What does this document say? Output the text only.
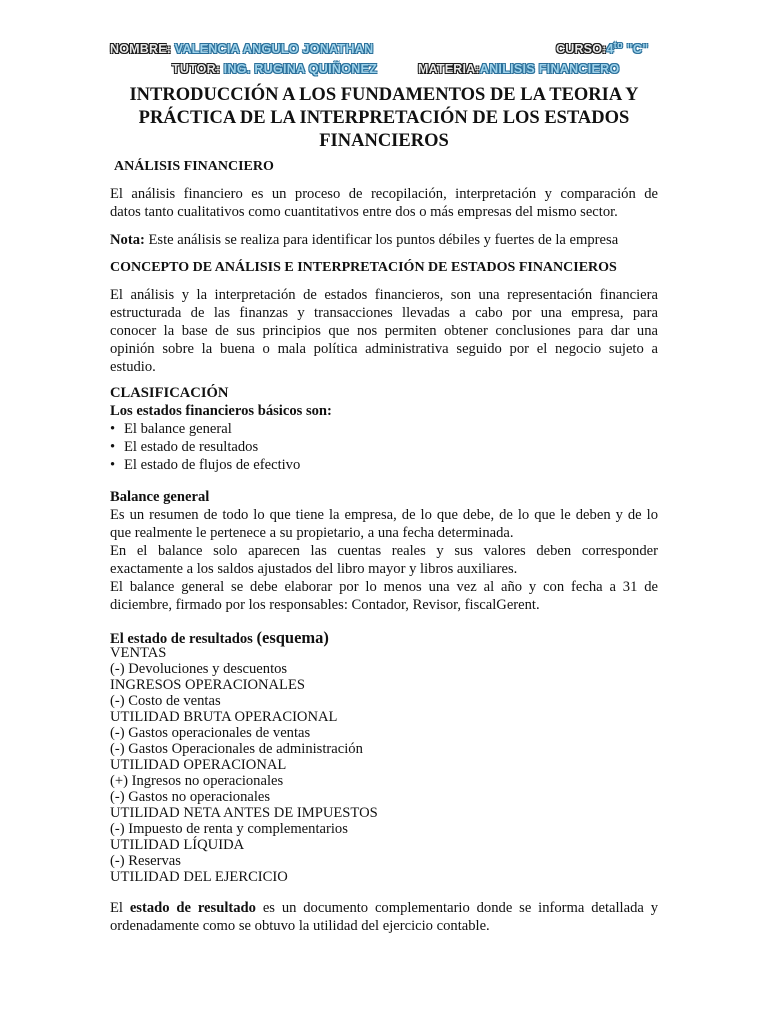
NOMBRE: VALENCIA ANGULO JONATHAN	$CURSO:4^{to}$ "C"
TUTOR: ING. RUGINA QUIÑONEZ	MATERIA:ANILISIS FINANCIERO
INTRODUCCIÓN A LOS FUNDAMENTOS DE LA TEORIA Y
PRÁCTICA DE LA INTERPRETACIÓN DE LOS ESTADOS
FINANCIEROS
ANÁLISIS FINANCIERO
El análisis financiero es un proceso de recopilación, interpretación y comparación de
datos tanto cualitativos como cuantitativos entre dos o más empresas del mismo sector.
Nota: Este análisis se realiza para identificar los puntos débiles y fuertes de la empresa
CONCEPTO DE ANÁLISIS E INTERPRETACIÓN DE ESTADOS FINANCIEROS
El análisis y la interpretación de estados financieros, son una representación financiera
estructurada de las finanzas y transacciones llevadas a cabo por una empresa, para
conocer la base de sus principios que nos permiten obtener conclusiones para dar una
opinión sobre la buena o mala política administrativa seguido por el negocio sujeto a
estudio.
CLASIFICACIÓN
Los estados financieros básicos son:
• El balance general
• El estado de resultados
• El estado de flujos de efectivo
Balance general
Es un resumen de todo lo que tiene la empresa, de lo que debe, de lo que le deben y de lo
que realmente le pertenece a su propietario, a una fecha determinada.
En el balance solo aparecen las cuentas reales y sus valores deben corresponder
exactamente a los saldos ajustados del libro mayor y libros auxiliares.
El balance general se debe elaborar por lo menos una vez al año y con fecha a 31 de
diciembre, firmado por los responsables: Contador, Revisor, fiscalGerent.
El estado de resultados (esquema)
VENTAS
(-) Devoluciones y descuentos
INGRESOS OPERACIONALES
(-) Costo de ventas
UTILIDAD BRUTA OPERACIONAL
(-) Gastos operacionales de ventas
(-) Gastos Operacionales de administración
UTILIDAD OPERACIONAL
(+) Ingresos no operacionales
(-) Gastos no operacionales
UTILIDAD NETA ANTES DE IMPUESTOS
(-) Impuesto de renta y complementarios
UTILIDAD LÍQUIDA
(-) Reservas
UTILIDAD DEL EJERCICIO
El estado de resultado es un documento complementario donde se informa detallada y
ordenadamente como se obtuvo la utilidad del ejercicio contable.
